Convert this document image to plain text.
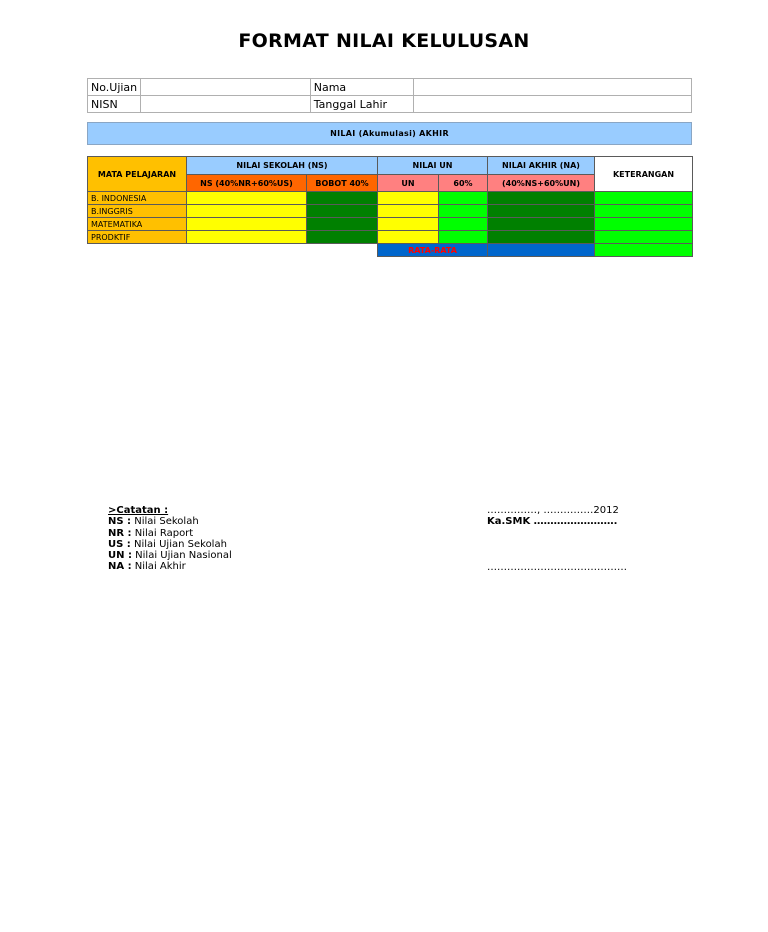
FORMAT NILAI KELULUSAN
No.Ujian		Nama	
NISN		Tanggal Lahir	
NILAI (Akumulasi) AKHIR
MATA PELAJARAN	NILAI SEKOLAH (NS)		NILAI UN		NILAI AKHIR (NA)	KETERANGAN
	NS (40%NR+60%US)	BOBOT 40%	UN	60%	(40%NS+60%UN)	
B. INDONESIA						
B.INGGRIS						
MATEMATIKA						
PRODKTIF						
			RATA-RATA			
>Catatan :
NS : Nilai Sekolah
NR : Nilai Raport
US : Nilai Ujian Sekolah
UN : Nilai Ujian Nasional
NA : Nilai Akhir
……………, ……………2012
Ka.SMK …………………….
……………………………………
